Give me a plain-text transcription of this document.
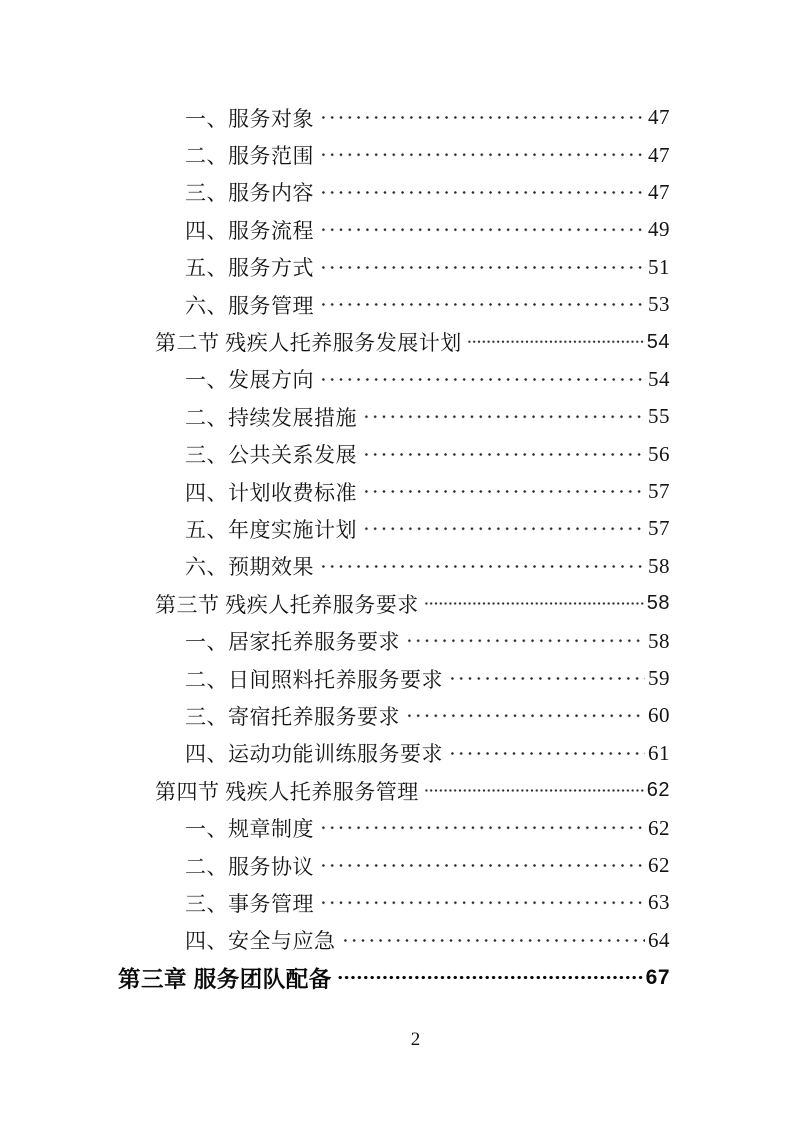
一、服务对象	47
二、服务范围	47
三、服务内容	47
四、服务流程	49
五、服务方式	51
六、服务管理	53
第二节 残疾人托养服务发展计划	54
一、发展方向	54
二、持续发展措施	55
三、公共关系发展	56
四、计划收费标准	57
五、年度实施计划	57
六、预期效果	58
第三节 残疾人托养服务要求	58
一、居家托养服务要求	58
二、日间照料托养服务要求	59
三、寄宿托养服务要求	60
四、运动功能训练服务要求	61
第四节 残疾人托养服务管理	62
一、规章制度	62
二、服务协议	62
三、事务管理	63
四、安全与应急	64
第三章 服务团队配备	67
2
